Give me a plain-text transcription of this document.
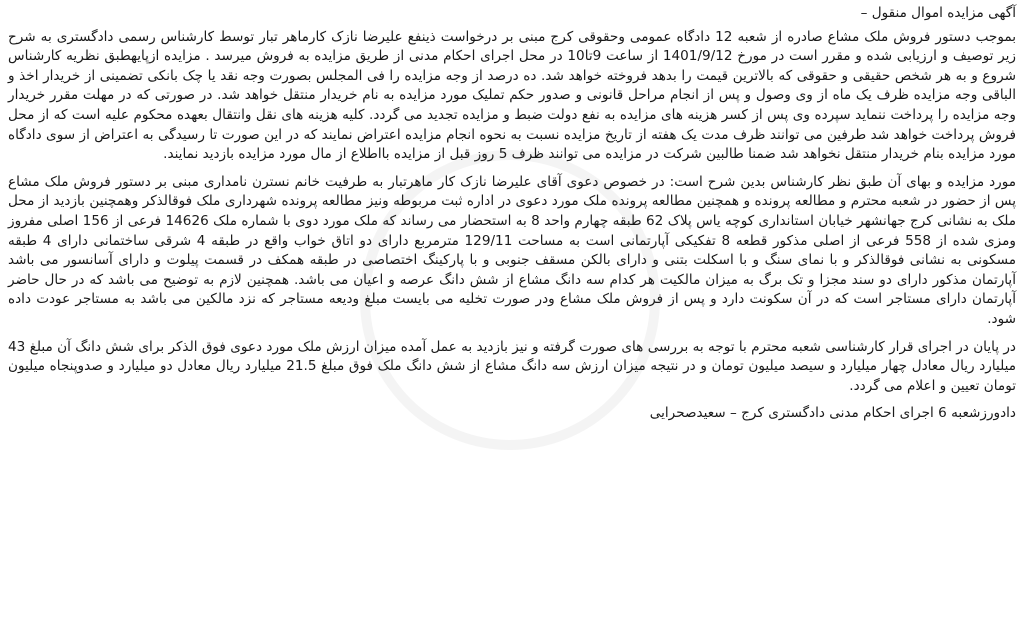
آگهی مزایده اموال منقول –

بموجب دستور فروش ملک مشاع صادره از شعبه 12 دادگاه عمومی وحقوقی کرج مبنی بر درخواست ذینفع علیرضا نازک کارماهر تبار توسط کارشناس رسمی دادگستری به شرح زیر توصیف و ارزیابی شده و مقرر است در مورخ 1401/9/12 از ساعت 9تا10 در محل اجرای احکام مدنی از طریق مزایده به فروش میرسد . مزایده ازپایهطبق نظریه کارشناس شروع و به هر شخص حقیقی و حقوقی که بالاترین قیمت را بدهد فروخته خواهد شد. ده درصد از وجه مزایده را فی المجلس بصورت وجه نقد یا چک بانکی تضمینی از خریدار اخذ و الباقی وجه مزایده ظرف یک ماه از وی وصول و پس از انجام مراحل قانونی و صدور حکم تملیک مورد مزایده به نام خریدار منتقل خواهد شد. در صورتی که در مهلت مقرر خریدار وجه مزایده را پرداخت ننماید سپرده وی پس از کسر هزینه های مزایده به نفع دولت ضبط و مزایده تجدید می گردد. کلیه هزینه های نقل وانتقال بعهده محکوم علیه است که از محل فروش پرداخت خواهد شد طرفین می توانند ظرف مدت یک هفته از تاریخ مزایده نسبت به نحوه انجام مزایده اعتراض نمایند که در این صورت تا رسیدگی به اعتراض از سوی دادگاه مورد مزایده بنام خریدار منتقل نخواهد شد ضمنا طالبین شرکت در مزایده می توانند ظرف 5 روز قبل از مزایده بااطلاع از مال مورد مزایده بازدید نمایند.

مورد مزایده و بهای آن طبق نظر کارشناس بدین شرح است: در خصوص دعوی آقای علیرضا نازک کار ماهرتبار به طرفیت خانم نسترن نامداری مبنی بر دستور فروش ملک مشاع پس از حضور در شعبه محترم و مطالعه پرونده و همچنین مطالعه پرونده ملک مورد دعوی در اداره ثبت مربوطه ونیز مطالعه پرونده شهرداری ملک فوقالذکر وهمچنین بازدید از محل ملک به نشانی کرج جهانشهر خیابان استانداری کوچه یاس پلاک 62 طبقه چهارم واحد 8 به استحضار می رساند که ملک مورد دوی با شماره ملک 14626 فرعی از 156 اصلی مفروز ومزی شده از 558 فرعی از اصلی مذکور قطعه 8 تفکیکی آپارتمانی است به مساحت 129/11 مترمربع دارای دو اتاق خواب واقع در طبقه 4 شرقی ساختمانی دارای 4 طبقه مسکونی به نشانی فوقالذکر و با نمای سنگ و با اسکلت بتنی و دارای بالکن مسقف جنوبی و با پارکینگ اختصاصی در طبقه همکف در قسمت پیلوت و دارای آسانسور می باشد آپارتمان مذکور دارای دو سند مجزا و تک برگ به میزان مالکیت هر کدام سه دانگ مشاع از شش دانگ عرصه و اعیان می باشد. همچنین لازم به توضیح می باشد که در حال حاضر آپارتمان دارای مستاجر است که در آن سکونت دارد و پس از فروش ملک مشاع ودر صورت تخلیه می بایست مبلغ ودیعه مستاجر که نزد مالکین می باشد به مستاجر عودت داده شود.

در پایان در اجرای قرار کارشناسی شعبه محترم با توجه به بررسی های صورت گرفته و نیز بازدید به عمل آمده میزان ارزش ملک مورد دعوی فوق الذکر برای شش دانگ آن مبلغ 43 میلیارد ریال معادل چهار میلیارد و سیصد میلیون تومان و در نتیجه میزان ارزش سه دانگ مشاع از شش دانگ ملک فوق مبلغ 21.5 میلیارد ریال معادل دو میلیارد و صدوپنجاه میلیون تومان تعیین و اعلام می گردد.

دادورزشعبه 6 اجرای احکام مدنی دادگستری کرج – سعیدصحرایی
